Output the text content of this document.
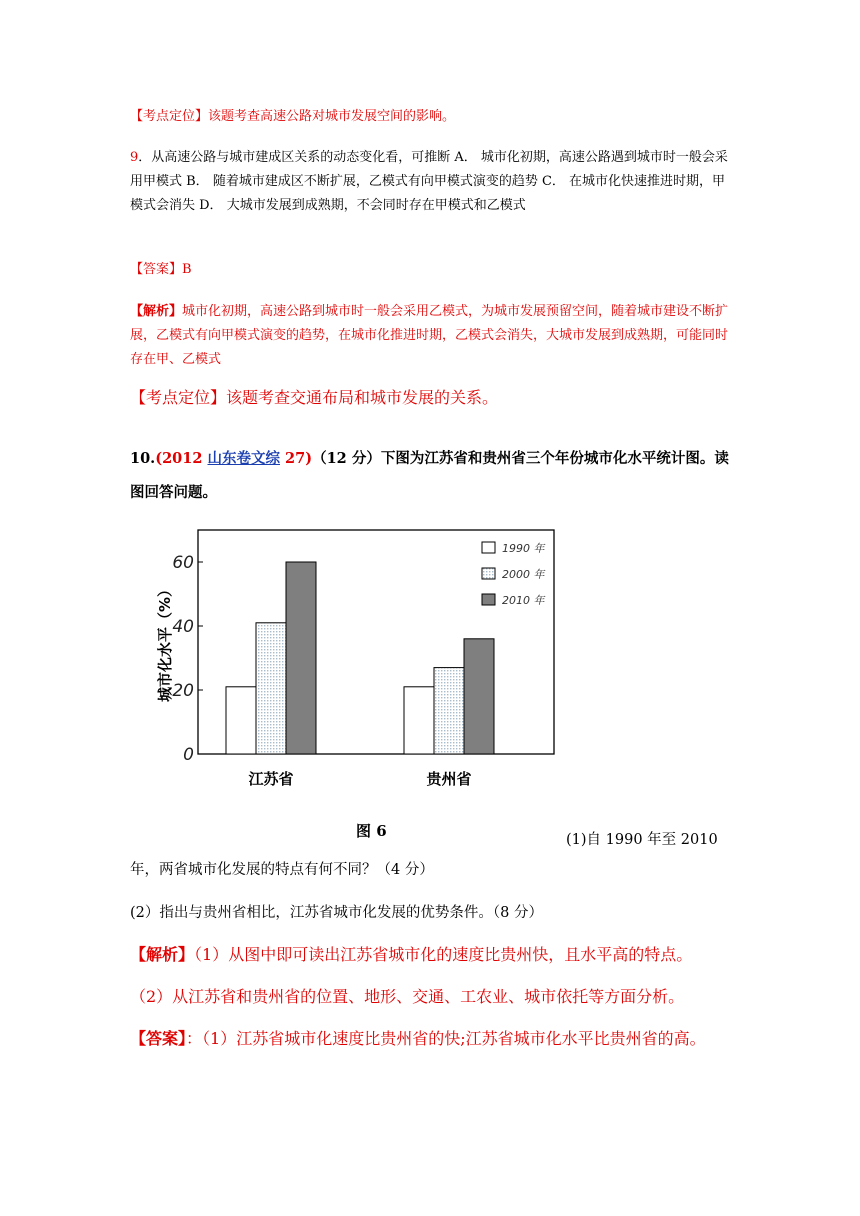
【考点定位】该题考查高速公路对城市发展空间的影响。

9．从高速公路与城市建成区关系的动态变化看，可推断 A． 城市化初期，高速公路遇到城市时一般会采用甲模式 B． 随着城市建成区不断扩展，乙模式有向甲模式演变的趋势 C． 在城市化快速推进时期，甲模式会消失 D． 大城市发展到成熟期，不会同时存在甲模式和乙模式

【答案】B

【解析】城市化初期，高速公路到城市时一般会采用乙模式，为城市发展预留空间，随着城市建设不断扩展，乙模式有向甲模式演变的趋势，在城市化推进时期，乙模式会消失，大城市发展到成熟期，可能同时存在甲、乙模式

【考点定位】该题考查交通布局和城市发展的关系。

10.(2012 山东卷文综 27)（12 分）下图为江苏省和贵州省三个年份城市化水平统计图。读图回答问题。

0
20
40
60
城市化水平（%）
江苏省	贵州省
1990 年
2000 年
2010 年
图 6	(1)自 1990 年至 2010 年，两省城市化发展的特点有何不同？（4 分）

(2）指出与贵州省相比，江苏省城市化发展的优势条件。（8 分）

【解析】（1）从图中即可读出江苏省城市化的速度比贵州快，且水平高的特点。

（2）从江苏省和贵州省的位置、地形、交通、工农业、城市依托等方面分析。

【答案】：（1）江苏省城市化速度比贵州省的快;江苏省城市化水平比贵州省的高。
